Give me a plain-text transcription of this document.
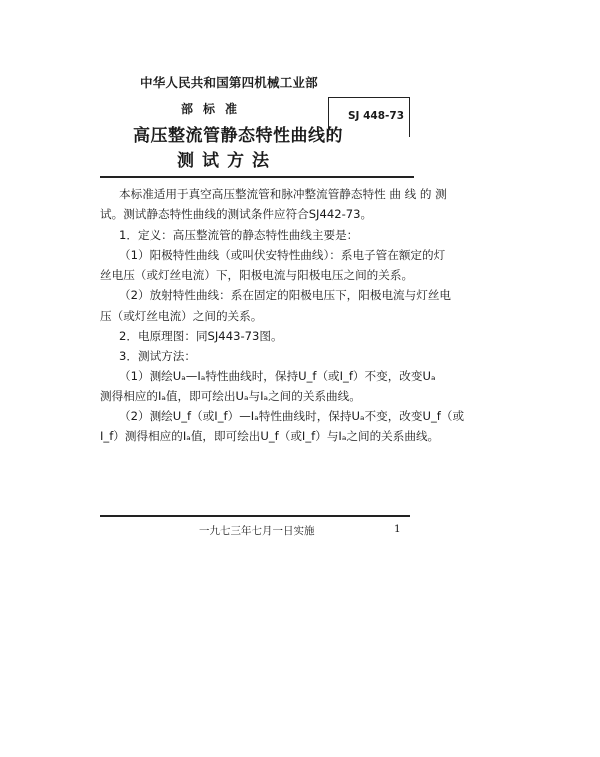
中华人民共和国第四机械工业部
部标准
高压整流管静态特性曲线的
测试方法
SJ 448-73
本标准适用于真空高压整流管和脉冲整流管静态特性 曲 线 的 测
试。测试静态特性曲线的测试条件应符合SJ442-73。
1．定义：高压整流管的静态特性曲线主要是：
（1）阳极特性曲线（或叫伏安特性曲线）：系电子管在额定的灯
丝电压（或灯丝电流）下，阳极电流与阳极电压之间的关系。
（2）放射特性曲线：系在固定的阳极电压下，阳极电流与灯丝电
压（或灯丝电流）之间的关系。
2．电原理图：同SJ443-73图。
3．测试方法：
（1）测绘Uₐ—Iₐ特性曲线时，保持U_f（或I_f）不变，改变Uₐ
测得相应的Iₐ值，即可绘出Uₐ与Iₐ之间的关系曲线。
（2）测绘U_f（或I_f）—Iₐ特性曲线时，保持Uₐ不变，改变U_f（或
I_f）测得相应的Iₐ值，即可绘出U_f（或I_f）与Iₐ之间的关系曲线。
一九七三年七月一日实施	1
